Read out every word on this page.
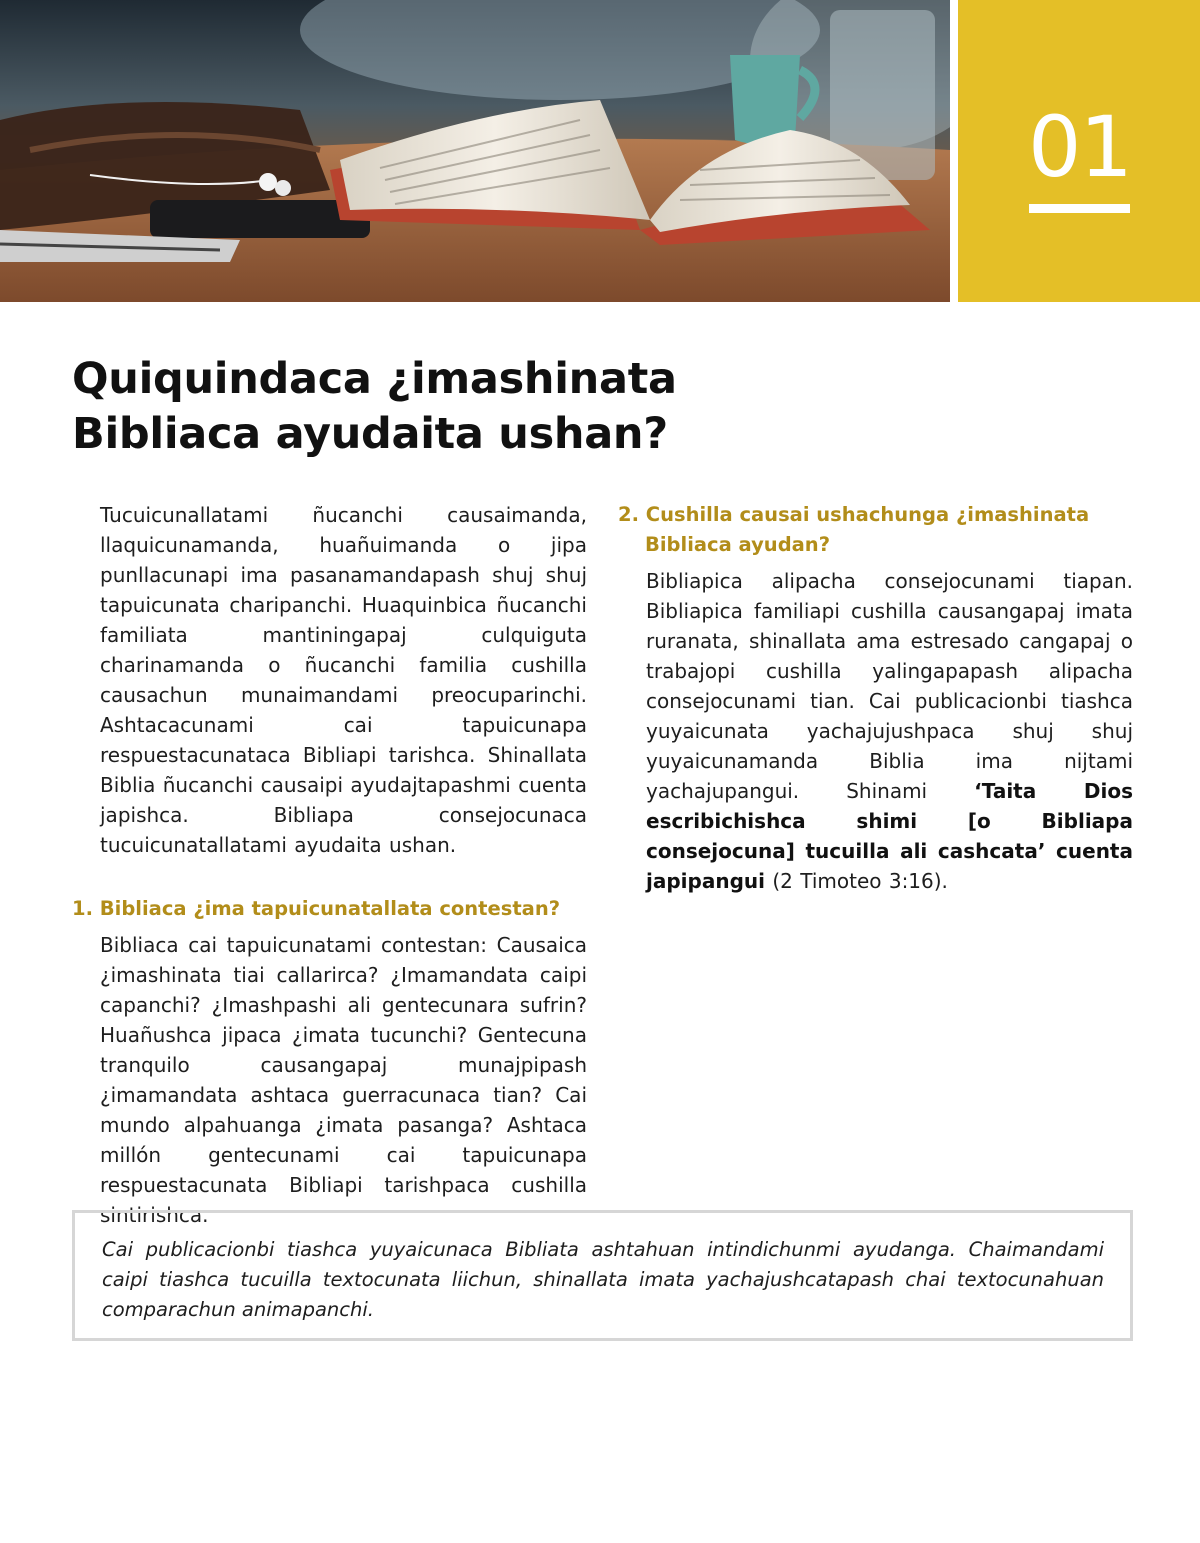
01
Quiquindaca ¿imashinata
Bibliaca ayudaita ushan?

Tucuicunallatami ñucanchi causaimanda, llaquicunamanda, huañuimanda o jipa punllacunapi ima pasanamandapash shuj shuj tapuicunata charipanchi. Huaquinbica ñucanchi familiata mantiningapaj culquiguta charinamanda o ñucanchi familia cushilla causachun munaimandami preocuparinchi. Ashtacacunami cai tapuicunapa respuestacunataca Bibliapi tarishca. Shinallata Biblia ñucanchi causaipi ayudajtapashmi cuenta japishca. Bibliapa consejocunaca tucuicunatallatami ayudaita ushan.

1. Bibliaca ¿ima tapuicunatallata contestan?

Bibliaca cai tapuicunatami contestan: Causaica ¿imashinata tiai callarirca? ¿Imamandata caipi capanchi? ¿Imashpashi ali gentecunara sufrin? Huañushca jipaca ¿imata tucunchi? Gentecuna tranquilo causangapaj munajpipash ¿imamandata ashtaca guerracunaca tian? Cai mundo alpahuanga ¿imata pasanga? Ashtaca millón gentecunami cai tapuicunapa respuestacunata Bibliapi tarishpaca cushilla sintirishca.

2. Cushilla causai ushachunga ¿imashinata Bibliaca ayudan?

Bibliapica alipacha consejocunami tiapan. Bibliapica familiapi cushilla causangapaj imata ruranata, shinallata ama estresado cangapaj o trabajopi cushilla yalingapapash alipacha consejocunami tian. Cai publicacionbi tiashca yuyaicunata yachajujushpaca shuj shuj yuyaicunamanda Biblia ima nijtami yachajupangui. Shinami ‘Taita Dios escribichishca shimi [o Bibliapa consejocuna] tucuilla ali cashcata’ cuenta japipangui (2 Timoteo 3:16).

Cai publicacionbi tiashca yuyaicunaca Bibliata ashtahuan intindichunmi ayudanga. Chaimandami caipi tiashca tucuilla textocunata liichun, shinallata imata yachajushcatapash chai textocunahuan comparachun animapanchi.
